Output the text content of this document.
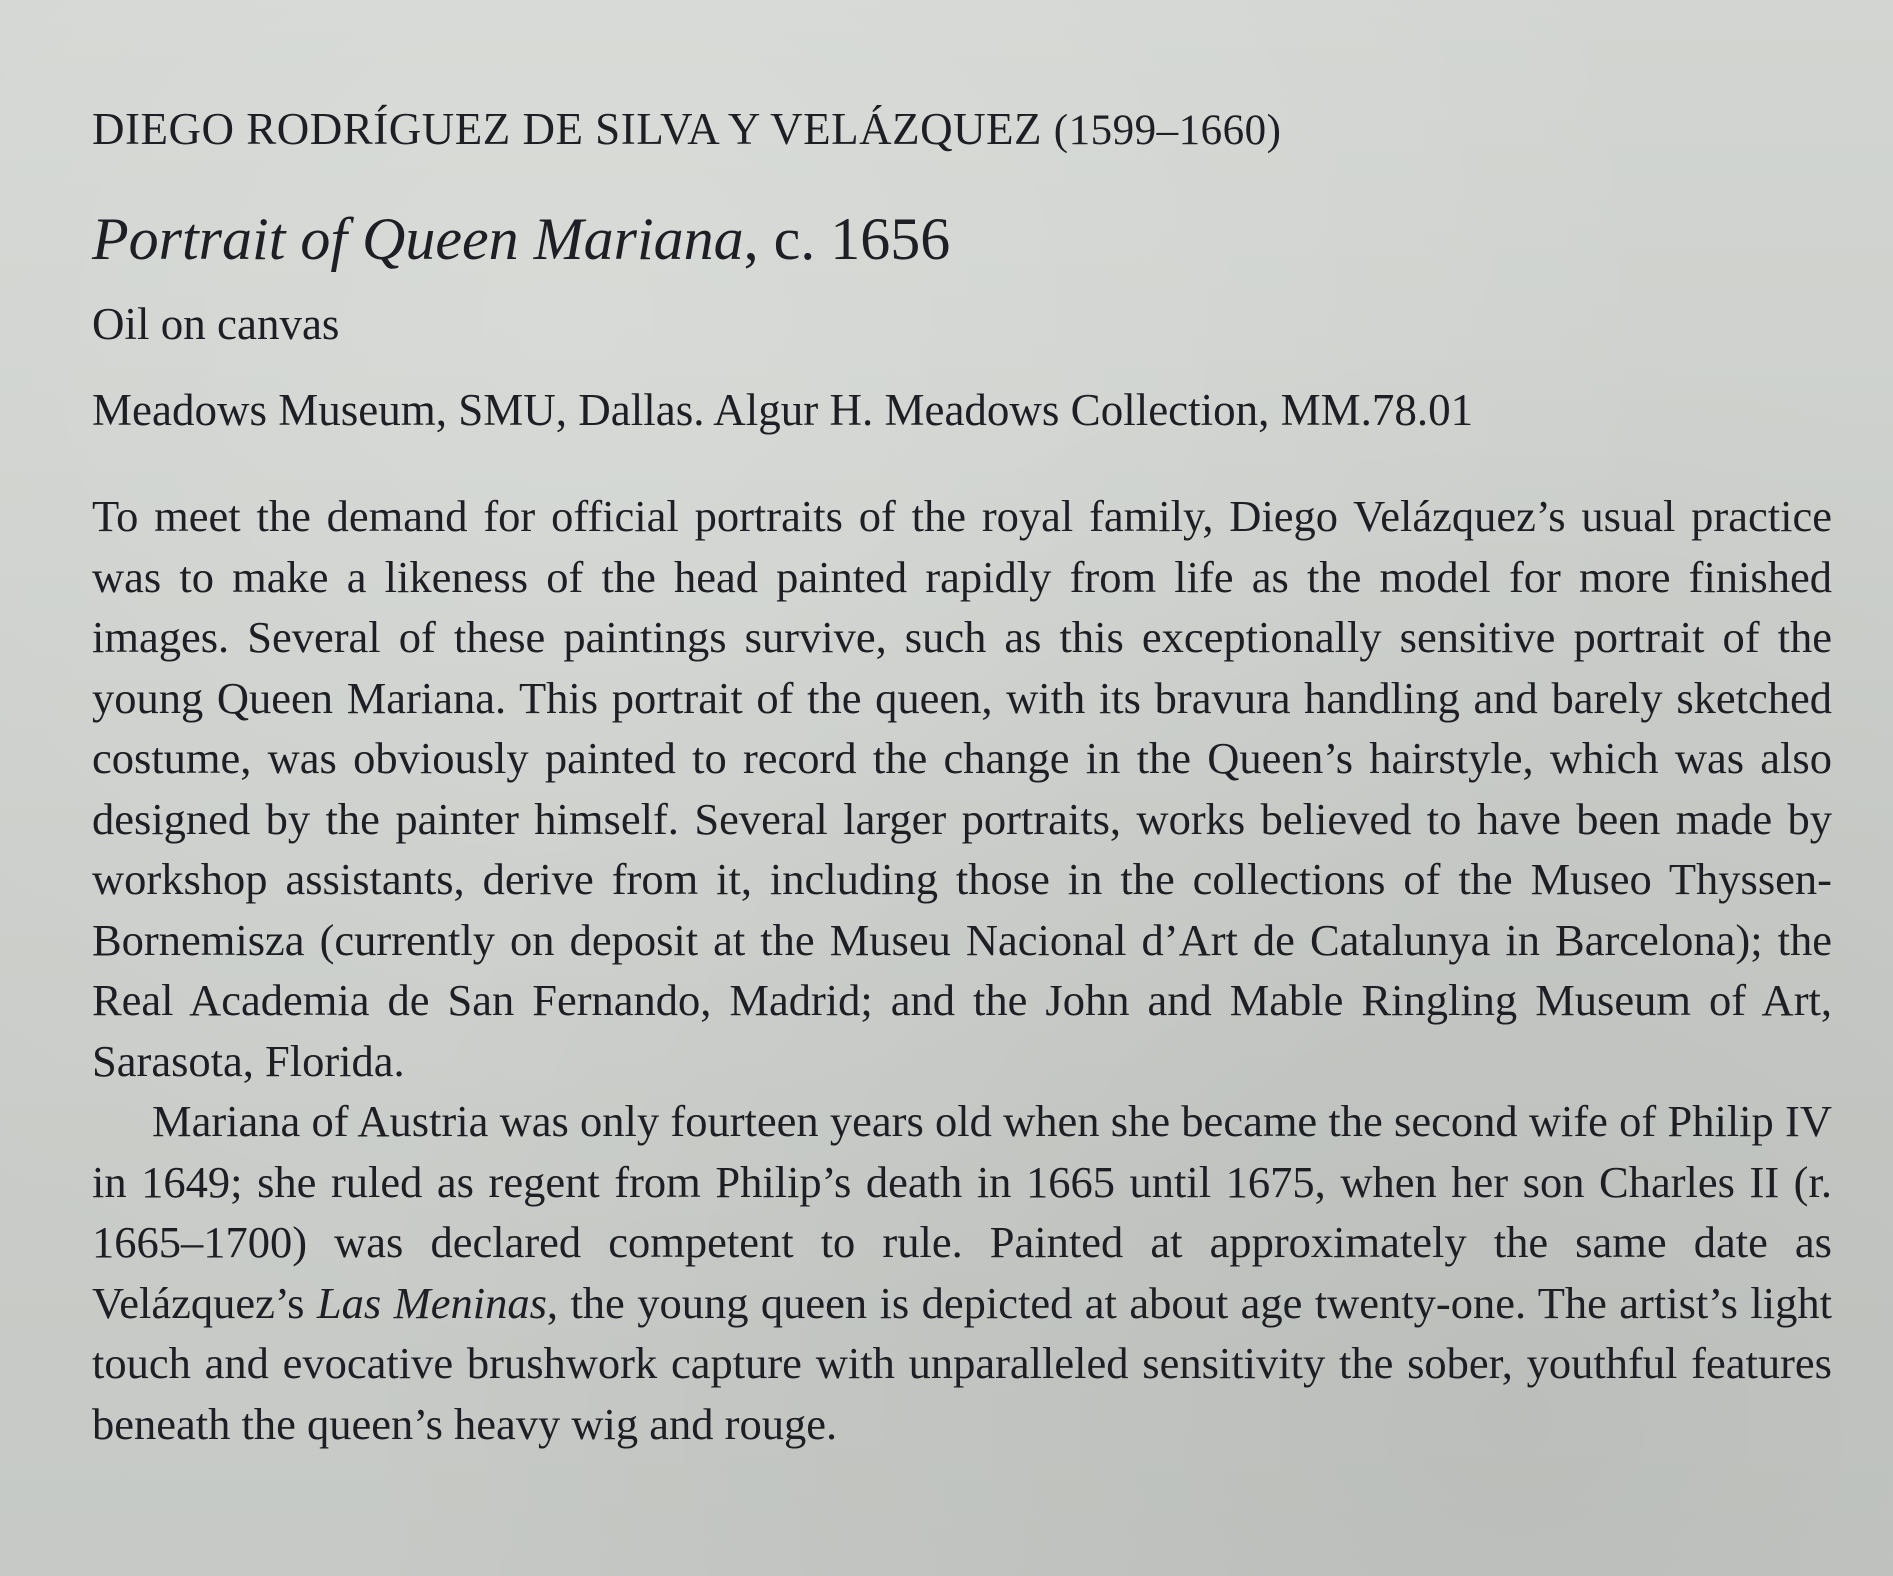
DIEGO RODRÍGUEZ DE SILVA Y VELÁZQUEZ (1599–1660)
Portrait of Queen Mariana, c. 1656

Oil on canvas

Meadows Museum, SMU, Dallas. Algur H. Meadows Collection, MM.78.01

To meet the demand for official portraits of the royal family, Diego Velázquez’s usual practice was to make a likeness of the head painted rapidly from life as the model for more finished images. Several of these paintings survive, such as this exceptionally sensitive portrait of the young Queen Mariana. This portrait of the queen, with its bravura handling and barely sketched costume, was obviously painted to record the change in the Queen’s hairstyle, which was also designed by the painter himself. Several larger portraits, works believed to have been made by workshop assistants, derive from it, including those in the collections of the Museo Thyssen-Bornemisza (currently on deposit at the Museu Nacional d’Art de Catalunya in Barcelona); the Real Academia de San Fernando, Madrid; and the John and Mable Ringling Museum of Art, Sarasota, Florida.

Mariana of Austria was only fourteen years old when she became the second wife of Philip IV in 1649; she ruled as regent from Philip’s death in 1665 until 1675, when her son Charles II (r. 1665–1700) was declared competent to rule. Painted at approximately the same date as Velázquez’s Las Meninas, the young queen is depicted at about age twenty-one. The artist’s light touch and evocative brushwork capture with unparalleled sensitivity the sober, youthful features beneath the queen’s heavy wig and rouge.
